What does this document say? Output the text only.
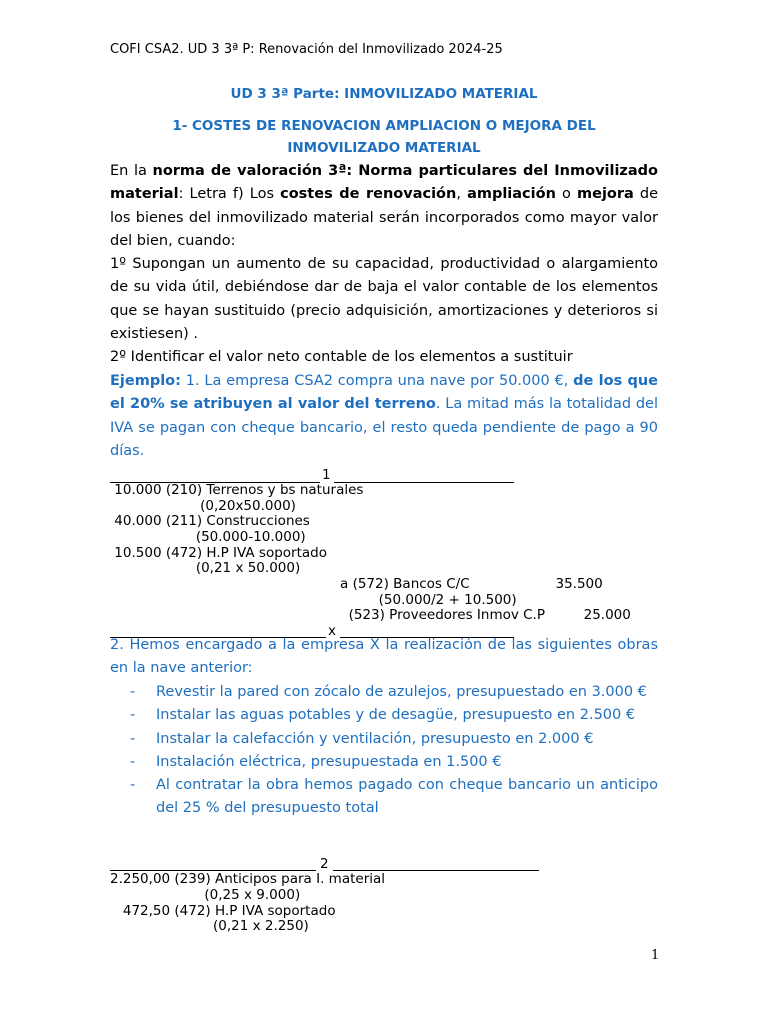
COFI CSA2. UD 3 3ª P: Renovación del Inmovilizado 2024-25
UD 3 3ª Parte: INMOVILIZADO MATERIAL
1- COSTES DE RENOVACION AMPLIACION O MEJORA DEL
INMOVILIZADO MATERIAL
En la norma de valoración 3ª: Norma particulares del Inmovilizado material: Letra f) Los costes de renovación, ampliación o mejora de los bienes del inmovilizado material serán incorporados como mayor valor del bien, cuando:
1º Supongan un aumento de su capacidad, productividad o alargamiento de su vida útil, debiéndose dar de baja el valor contable de los elementos que se hayan sustituido (precio adquisición, amortizaciones y deterioros si existiesen) .
2º Identificar el valor neto contable de los elementos a sustituir
Ejemplo: 1. La empresa CSA2 compra una nave por 50.000 €, de los que el 20% se atribuyen al valor del terreno. La mitad más la totalidad del IVA se pagan con cheque bancario, el resto queda pendiente de pago a 90 días.
1
10.000 (210) Terrenos y bs naturales
(0,20x50.000)
40.000 (211) Construcciones
(50.000-10.000)
10.500 (472) H.P IVA soportado
(0,21 x 50.000)
a (572) Bancos C/C                    35.500
(50.000/2 + 10.500)
(523) Proveedores Inmov C.P         25.000
x
2. Hemos encargado a la empresa X la realización de las siguientes obras en la nave anterior:
- Revestir la pared con zócalo de azulejos, presupuestado en 3.000 €
- Instalar las aguas potables y de desagüe, presupuesto en 2.500 €
- Instalar la calefacción y ventilación, presupuesto en 2.000 €
- Instalación eléctrica, presupuestada en 1.500 €
- Al contratar la obra hemos pagado con cheque bancario un anticipo del 25 % del presupuesto total
2
2.250,00 (239) Anticipos para I. material
(0,25 x 9.000)
472,50 (472) H.P IVA soportado
(0,21 x 2.250)
1
